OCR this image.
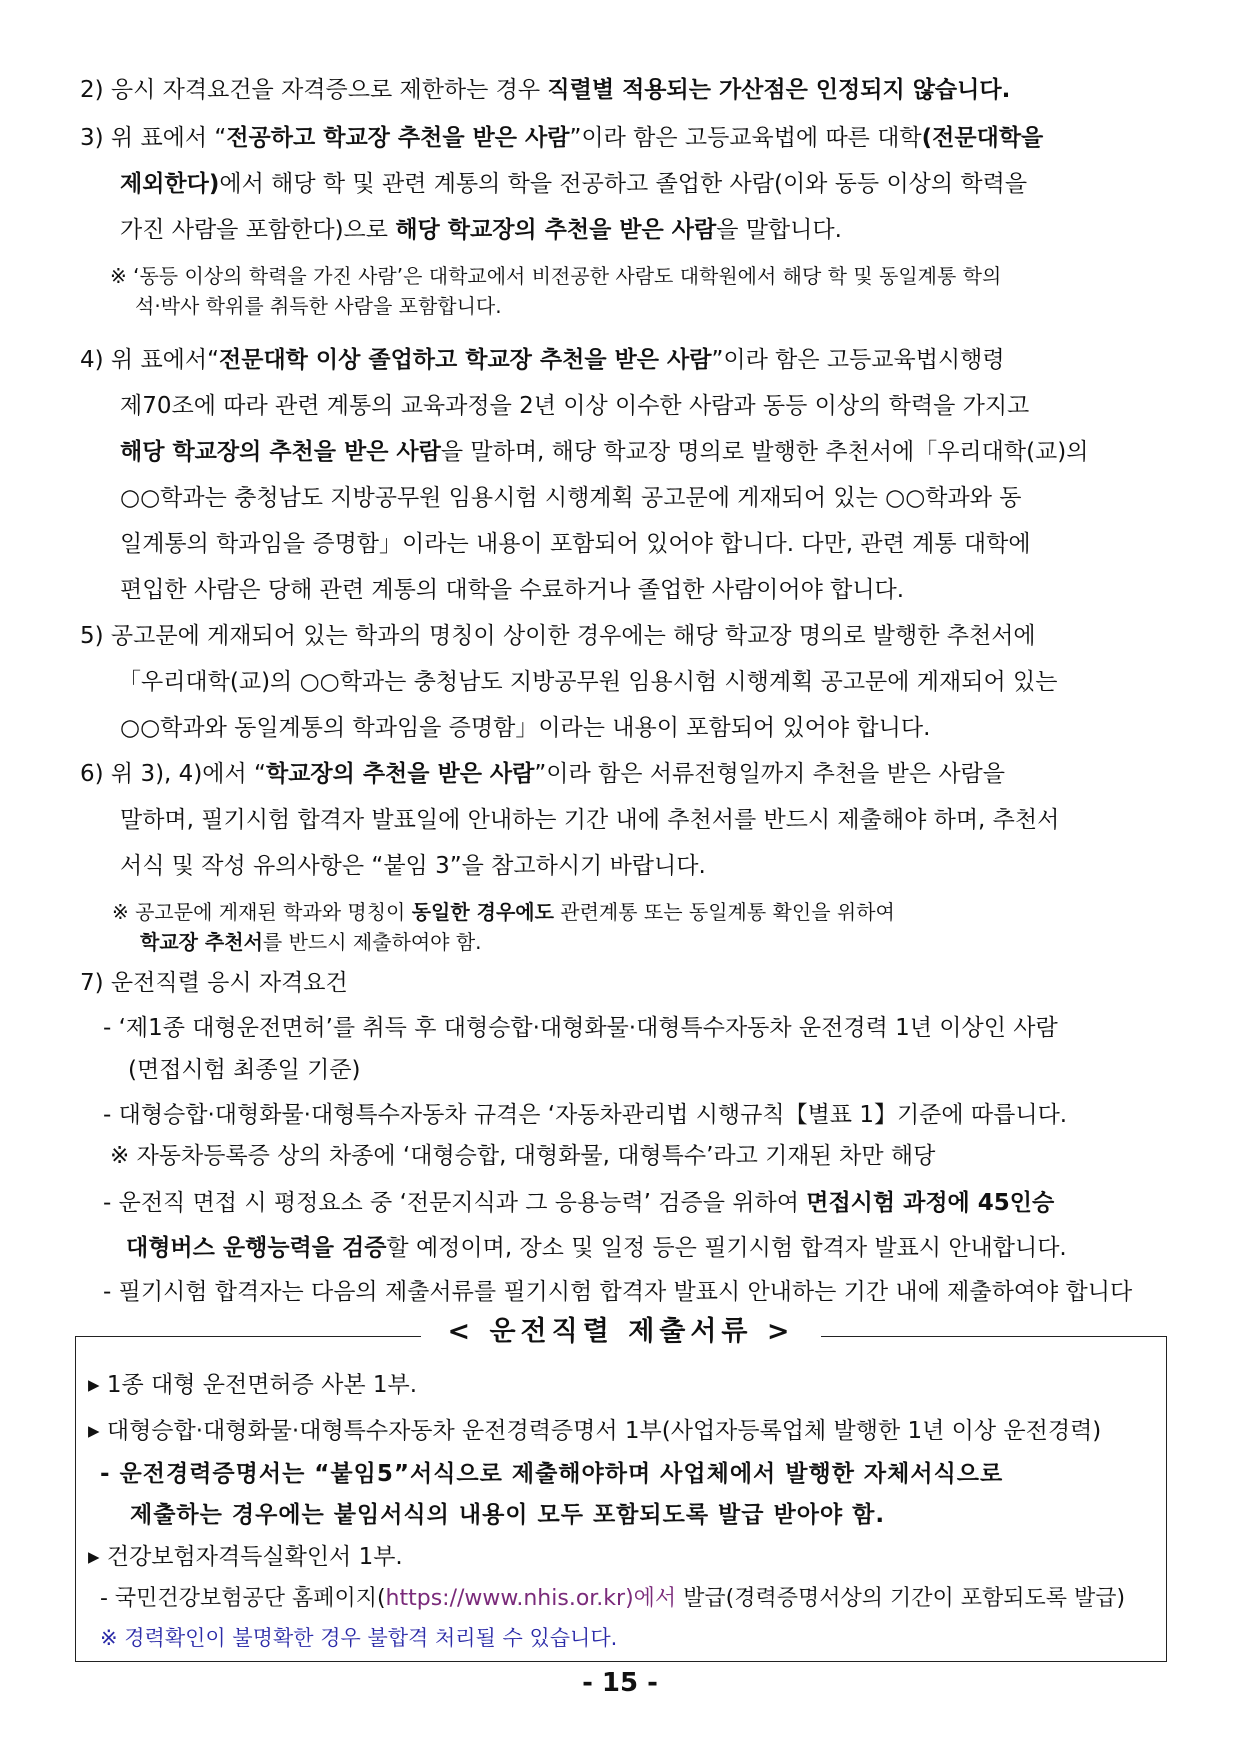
2) 응시 자격요건을 자격증으로 제한하는 경우 직렬별 적용되는 가산점은 인정되지 않습니다.
3) 위 표에서 “전공하고 학교장 추천을 받은 사람”이라 함은 고등교육법에 따른 대학(전문대학을
제외한다)에서 해당 학 및 관련 계통의 학을 전공하고 졸업한 사람(이와 동등 이상의 학력을
가진 사람을 포함한다)으로 해당 학교장의 추천을 받은 사람을 말합니다.
※ ‘동등 이상의 학력을 가진 사람’은 대학교에서 비전공한 사람도 대학원에서 해당 학 및 동일계통 학의
석·박사 학위를 취득한 사람을 포함합니다.
4) 위 표에서“전문대학 이상 졸업하고 학교장 추천을 받은 사람”이라 함은 고등교육법시행령
제70조에 따라 관련 계통의 교육과정을 2년 이상 이수한 사람과 동등 이상의 학력을 가지고
해당 학교장의 추천을 받은 사람을 말하며, 해당 학교장 명의로 발행한 추천서에「우리대학(교)의
○○학과는 충청남도 지방공무원 임용시험 시행계획 공고문에 게재되어 있는 ○○학과와 동
일계통의 학과임을 증명함」이라는 내용이 포함되어 있어야 합니다. 다만, 관련 계통 대학에
편입한 사람은 당해 관련 계통의 대학을 수료하거나 졸업한 사람이어야 합니다.
5) 공고문에 게재되어 있는 학과의 명칭이 상이한 경우에는 해당 학교장 명의로 발행한 추천서에
「우리대학(교)의 ○○학과는 충청남도 지방공무원 임용시험 시행계획 공고문에 게재되어 있는
○○학과와 동일계통의 학과임을 증명함」이라는 내용이 포함되어 있어야 합니다.
6) 위 3), 4)에서 “학교장의 추천을 받은 사람”이라 함은 서류전형일까지 추천을 받은 사람을
말하며, 필기시험 합격자 발표일에 안내하는 기간 내에 추천서를 반드시 제출해야 하며, 추천서
서식 및 작성 유의사항은 “붙임 3”을 참고하시기 바랍니다.
※ 공고문에 게재된 학과와 명칭이 동일한 경우에도 관련계통 또는 동일계통 확인을 위하여
학교장 추천서를 반드시 제출하여야 함.
7) 운전직렬 응시 자격요건
- ‘제1종 대형운전면허’를 취득 후 대형승합·대형화물·대형특수자동차 운전경력 1년 이상인 사람
(면접시험 최종일 기준)
- 대형승합·대형화물·대형특수자동차 규격은 ‘자동차관리법 시행규칙【별표 1】기준에 따릅니다.
※ 자동차등록증 상의 차종에 ‘대형승합, 대형화물, 대형특수’라고 기재된 차만 해당
- 운전직 면접 시 평정요소 중 ‘전문지식과 그 응용능력’ 검증을 위하여 면접시험 과정에 45인승
대형버스 운행능력을 검증할 예정이며, 장소 및 일정 등은 필기시험 합격자 발표시 안내합니다.
- 필기시험 합격자는 다음의 제출서류를 필기시험 합격자 발표시 안내하는 기간 내에 제출하여야 합니다
< 운전직렬 제출서류 >
▸ 1종 대형 운전면허증 사본 1부.
▸ 대형승합·대형화물·대형특수자동차 운전경력증명서 1부(사업자등록업체 발행한 1년 이상 운전경력)
- 운전경력증명서는 “붙임5”서식으로 제출해야하며 사업체에서 발행한 자체서식으로
제출하는 경우에는 붙임서식의 내용이 모두 포함되도록 발급 받아야 함.
▸ 건강보험자격득실확인서 1부.
- 국민건강보험공단 홈페이지(https://www.nhis.or.kr)에서 발급(경력증명서상의 기간이 포함되도록 발급)
※ 경력확인이 불명확한 경우 불합격 처리될 수 있습니다.
- 15 -
